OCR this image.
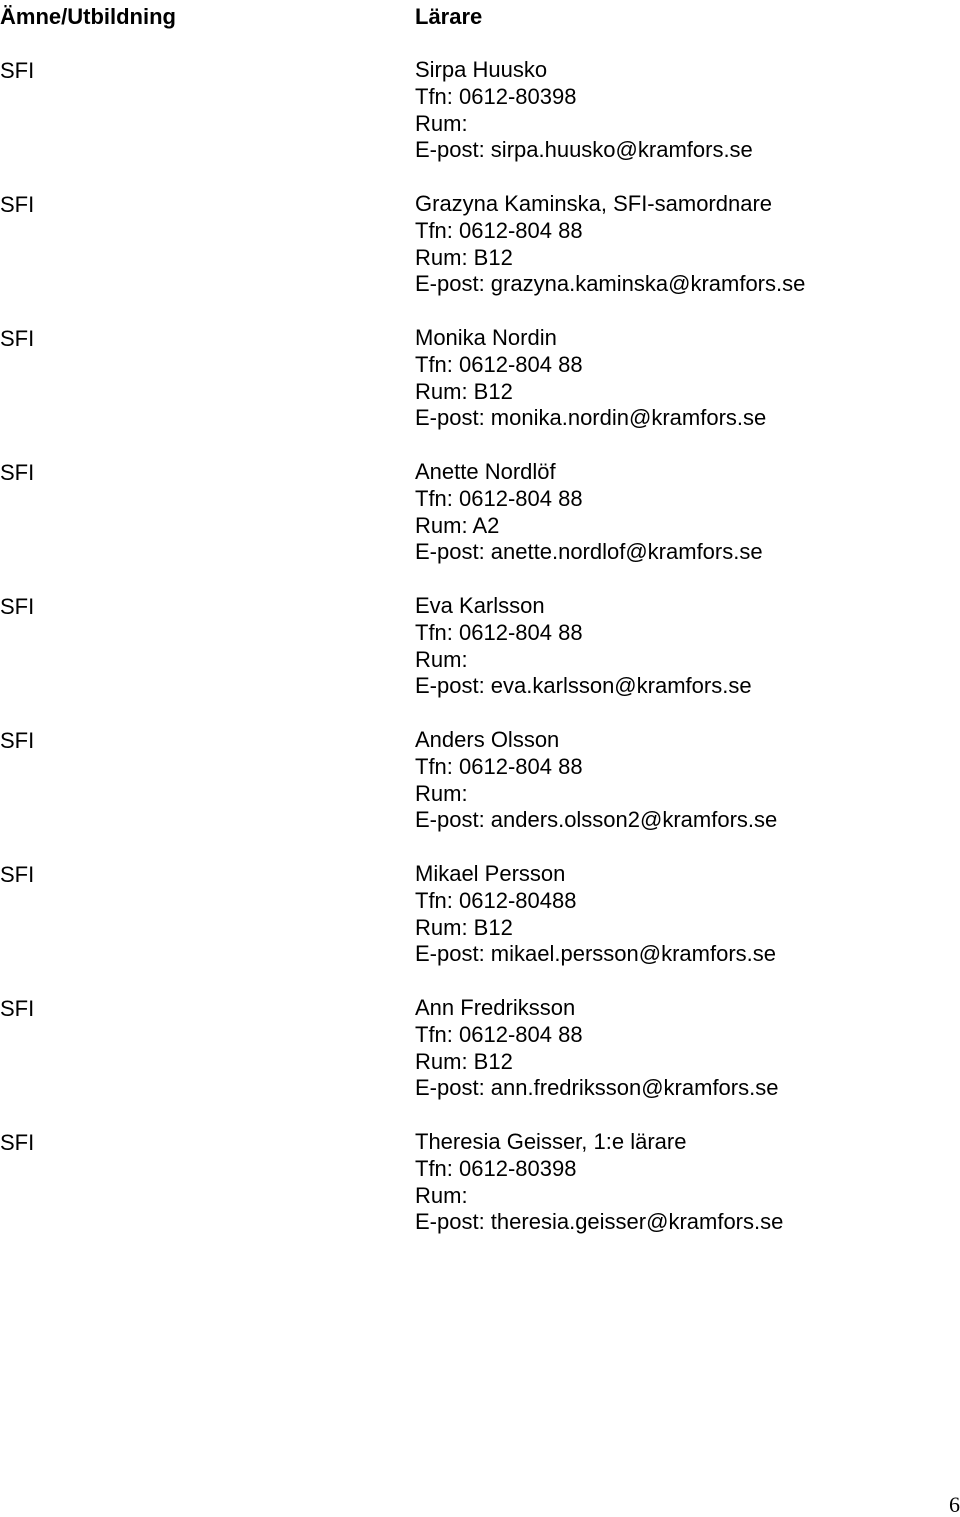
Ämne/Utbildning	Lärare
SFI	Sirpa Huusko
Tfn: 0612-80398
Rum:
E-post: sirpa.huusko@kramfors.se
SFI	Grazyna Kaminska, SFI-samordnare
Tfn: 0612-804 88
Rum: B12
E-post: grazyna.kaminska@kramfors.se
SFI	Monika Nordin
Tfn: 0612-804 88
Rum: B12
E-post: monika.nordin@kramfors.se
SFI	Anette Nordlöf
Tfn: 0612-804 88
Rum: A2
E-post: anette.nordlof@kramfors.se
SFI	Eva Karlsson
Tfn: 0612-804 88
Rum:
E-post: eva.karlsson@kramfors.se
SFI	Anders Olsson
Tfn: 0612-804 88
Rum:
E-post: anders.olsson2@kramfors.se
SFI	Mikael Persson
Tfn: 0612-80488
Rum: B12
E-post: mikael.persson@kramfors.se
SFI	Ann Fredriksson
Tfn: 0612-804 88
Rum: B12
E-post: ann.fredriksson@kramfors.se
SFI	Theresia Geisser, 1:e lärare
Tfn: 0612-80398
Rum:
E-post: theresia.geisser@kramfors.se
6
